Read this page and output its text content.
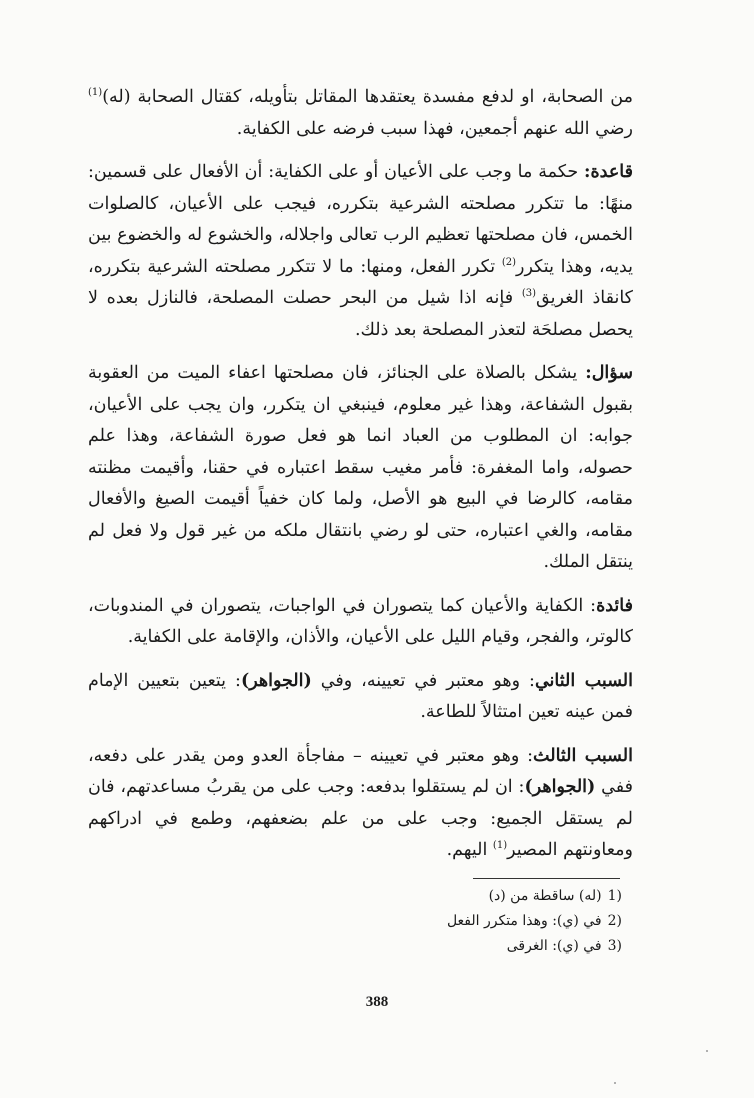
من الصحابة، او لدفع مفسدة يعتقدها المقاتل بتأويله، كقتال الصحابة (له)$^{(1)}$ رضي الله عنهم أجمعين، فهذا سبب فرضه على الكفاية.

قاعدة: حكمة ما وجب على الأعيان أو على الكفاية: أن الأفعال على قسمين: منهًا: ما تتكرر مصلحته الشرعية بتكرره، فيجب على الأعيان، كالصلوات الخمس، فان مصلحتها تعظيم الرب تعالى واجلاله، والخشوع له والخضوع بين يديه، وهذا يتكرر$^{(2)}$ تكرر الفعل، ومنها: ما لا تتكرر مصلحته الشرعية بتكرره، كانقاذ الغريق$^{(3)}$ فإنه اذا شيل من البحر حصلت المصلحة، فالنازل بعده لا يحصل مصلحَة لتعذر المصلحة بعد ذلك.

سؤال: يشكل بالصلاة على الجنائز، فان مصلحتها اعفاء الميت من العقوبة بقبول الشفاعة، وهذا غير معلوم، فينبغي ان يتكرر، وان يجب على الأعيان، جوابه: ان المطلوب من العباد انما هو فعل صورة الشفاعة، وهذا علم حصوله، واما المغفرة: فأمر مغيب سقط اعتباره في حقنا، وأقيمت مظنته مقامه، كالرضا في البيع هو الأصل، ولما كان خفياً أقيمت الصيغ والأفعال مقامه، والغي اعتباره، حتى لو رضي بانتقال ملكه من غير قول ولا فعل لم ينتقل الملك.

فائدة: الكفاية والأعيان كما يتصوران في الواجبات، يتصوران في المندوبات، كالوتر، والفجر، وقيام الليل على الأعيان، والأذان، والإقامة على الكفاية.

السبب الثاني: وهو معتبر في تعيينه، وفي (الجواهر): يتعين بتعيين الإمام فمن عينه تعين امتثالاً للطاعة.

السبب الثالث: وهو معتبر في تعيينه – مفاجأة العدو ومن يقدر على دفعه، ففي (الجواهر): ان لم يستقلوا بدفعه: وجب على من يقربُ مساعدتهم، فان لم يستقل الجميع: وجب على من علم بضعفهم، وطمع في ادراكهم ومعاونتهم المصير$^{(1)}$ اليهم.

1)(له) ساقطة من (د)

2)في (ي): وهذا متكرر الفعل

3)في (ي): الغرقى

388
